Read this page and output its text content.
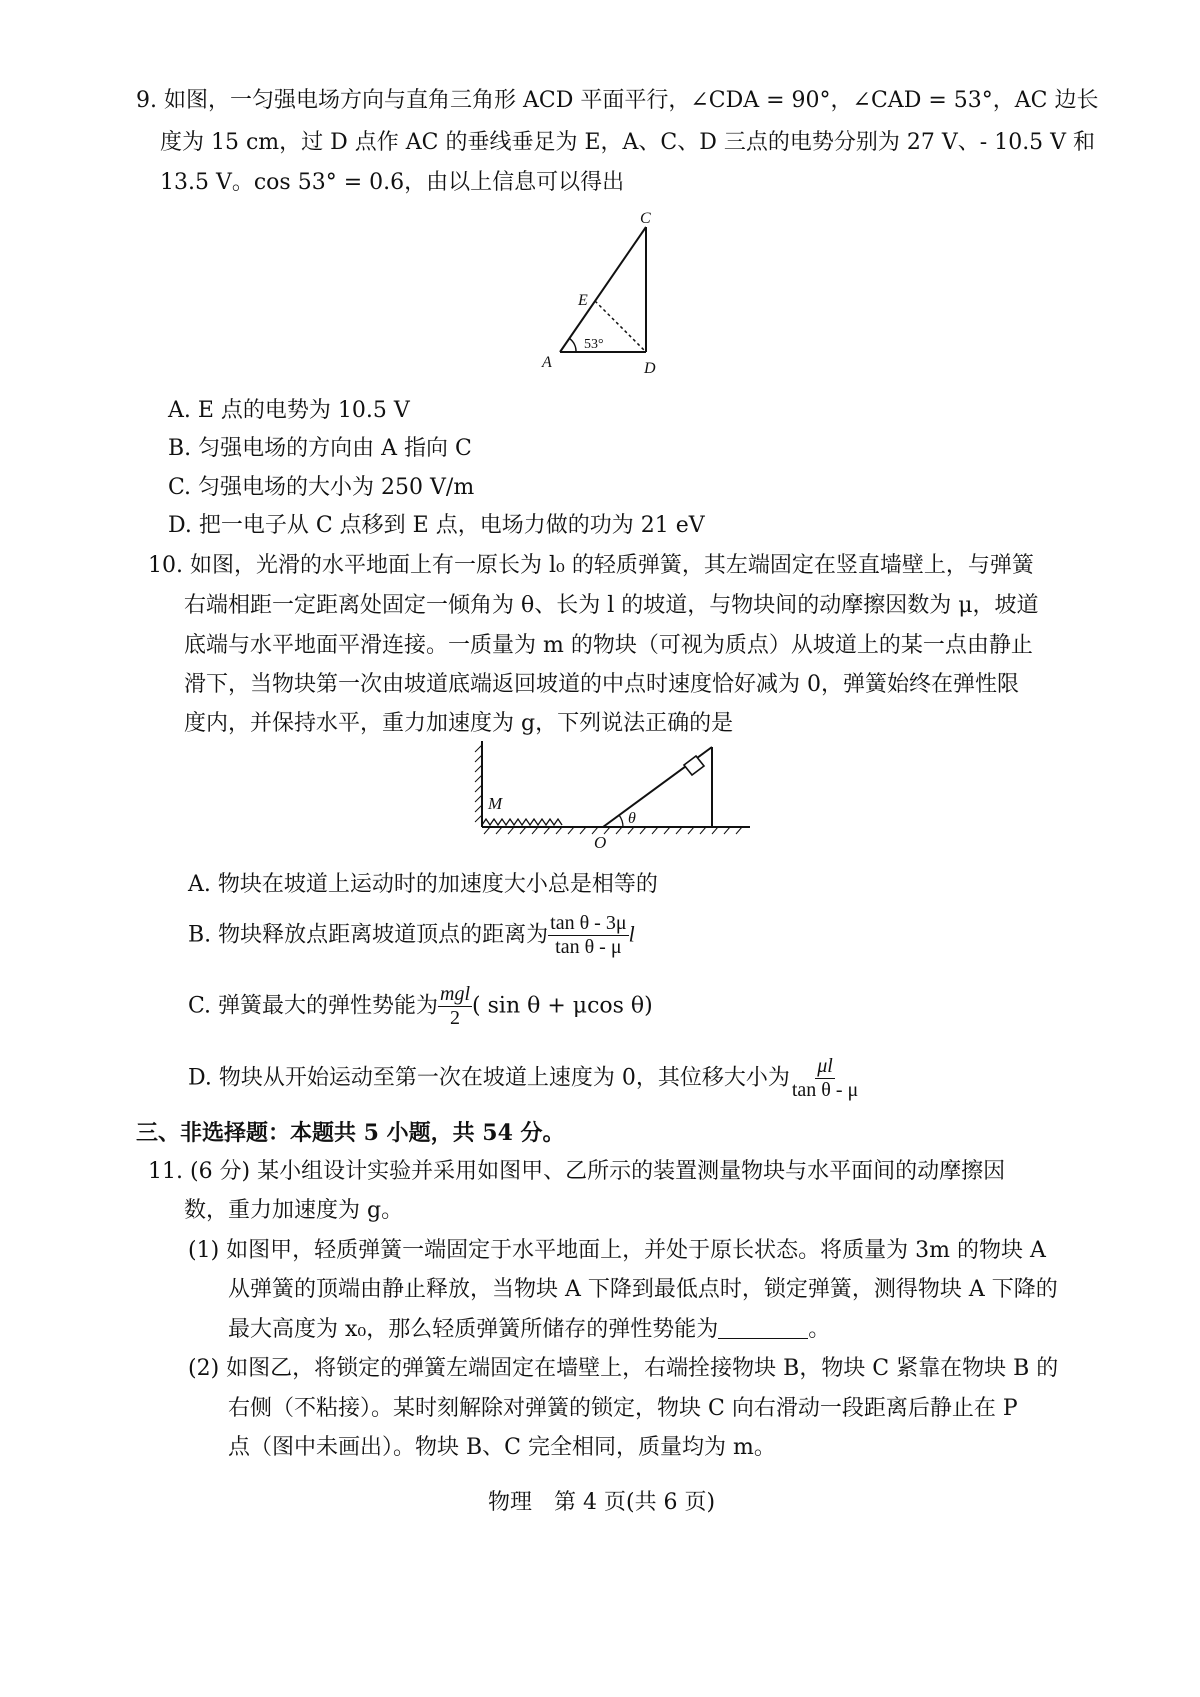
9. 如图，一匀强电场方向与直角三角形 ACD 平面平行，∠CDA = 90°，∠CAD = 53°，AC 边长
度为 15 cm，过 D 点作 AC 的垂线垂足为 E，A、C、D 三点的电势分别为 27 V、- 10.5 V 和
13.5 V。cos 53° = 0.6，由以上信息可以得出
C
E
A	D
53°
A. E 点的电势为 10.5 V
B. 匀强电场的方向由 A 指向 C
C. 匀强电场的大小为 250 V/m
D. 把一电子从 C 点移到 E 点，电场力做的功为 21 eV
10. 如图，光滑的水平地面上有一原长为 l₀ 的轻质弹簧，其左端固定在竖直墙壁上，与弹簧
右端相距一定距离处固定一倾角为 θ、长为 l 的坡道，与物块间的动摩擦因数为 μ，坡道
底端与水平地面平滑连接。一质量为 m 的物块（可视为质点）从坡道上的某一点由静止
滑下，当物块第一次由坡道底端返回坡道的中点时速度恰好减为 0，弹簧始终在弹性限
度内，并保持水平，重力加速度为 g，下列说法正确的是
M
O
θ
A. 物块在坡道上运动时的加速度大小总是相等的
B. 物块释放点距离坡道顶点的距离为 $\frac{\text{tan θ - 3μ}}{\text{tan θ - μ}}$ l
C. 弹簧最大的弹性势能为 $\frac{\text{mgl}}{2}$ ( sin θ + μcos θ)
D. 物块从开始运动至第一次在坡道上速度为 0，其位移大小为 $\frac{\mu l}{\text{tan θ - μ}}$
三、非选择题：本题共 5 小题，共 54 分。
11. (6 分) 某小组设计实验并采用如图甲、乙所示的装置测量物块与水平面间的动摩擦因
数，重力加速度为 g。
(1) 如图甲，轻质弹簧一端固定于水平地面上，并处于原长状态。将质量为 3m 的物块 A
从弹簧的顶端由静止释放，当物块 A 下降到最低点时，锁定弹簧，测得物块 A 下降的
最大高度为 x₀，那么轻质弹簧所储存的弹性势能为	。
(2) 如图乙，将锁定的弹簧左端固定在墙壁上，右端拴接物块 B，物块 C 紧靠在物块 B 的
右侧（不粘接）。某时刻解除对弹簧的锁定，物块 C 向右滑动一段距离后静止在 P
点（图中未画出）。物块 B、C 完全相同，质量均为 m。
物理　第 4 页(共 6 页)
